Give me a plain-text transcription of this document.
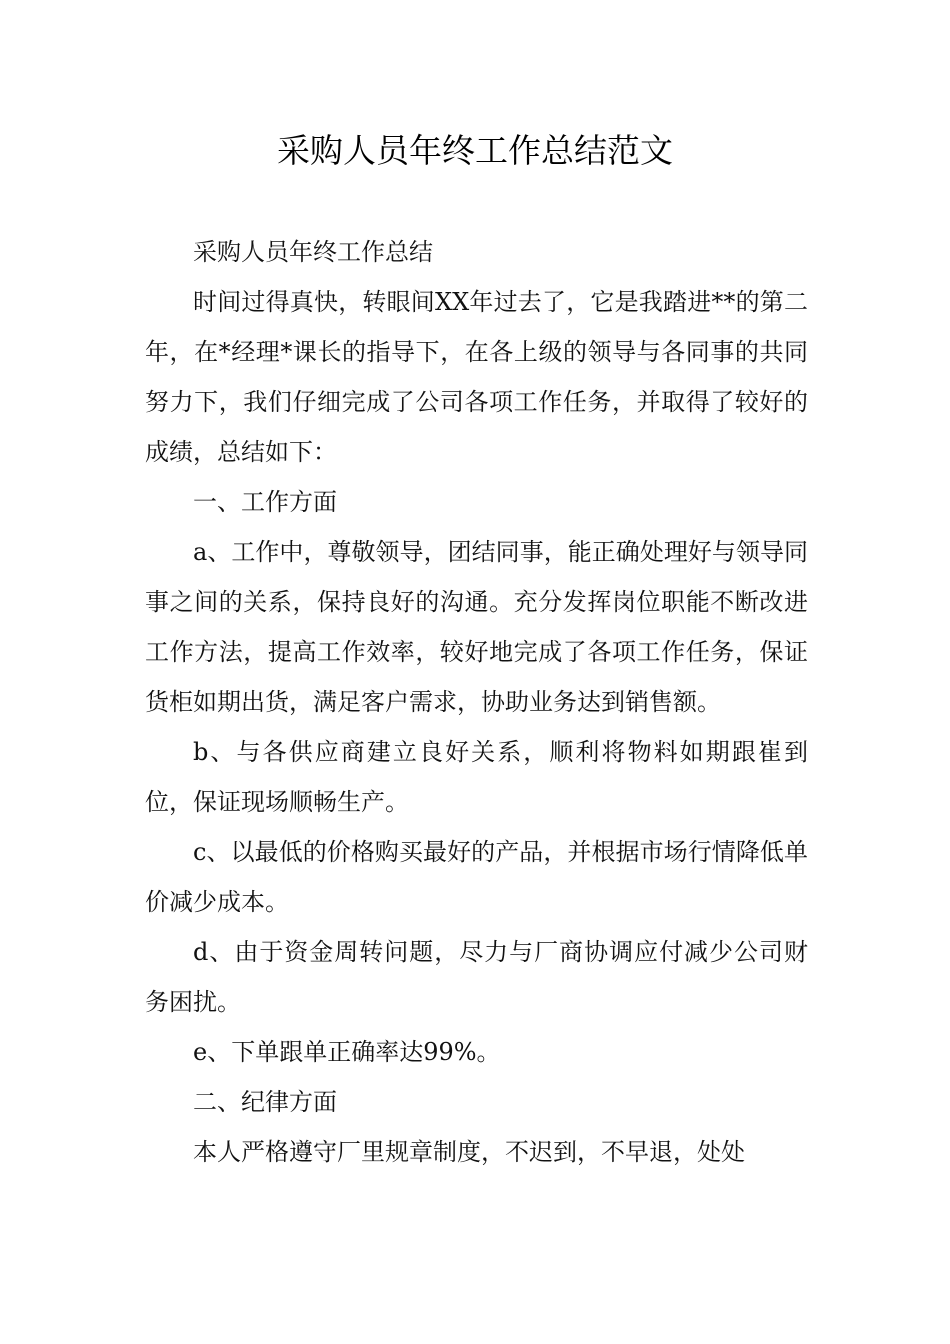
采购人员年终工作总结范文

采购人员年终工作总结

时间过得真快，转眼间XX年过去了，它是我踏进**的第二年，在*经理*课长的指导下，在各上级的领导与各同事的共同努力下，我们仔细完成了公司各项工作任务，并取得了较好的成绩，总结如下：

一、工作方面

a、工作中，尊敬领导，团结同事，能正确处理好与领导同事之间的关系，保持良好的沟通。充分发挥岗位职能不断改进工作方法，提高工作效率，较好地完成了各项工作任务，保证货柜如期出货，满足客户需求，协助业务达到销售额。

b、与各供应商建立良好关系，顺利将物料如期跟崔到位，保证现场顺畅生产。

c、以最低的价格购买最好的产品，并根据市场行情降低单价减少成本。

d、由于资金周转问题，尽力与厂商协调应付减少公司财务困扰。

e、下单跟单正确率达99%。

二、纪律方面

本人严格遵守厂里规章制度，不迟到，不早退，处处
